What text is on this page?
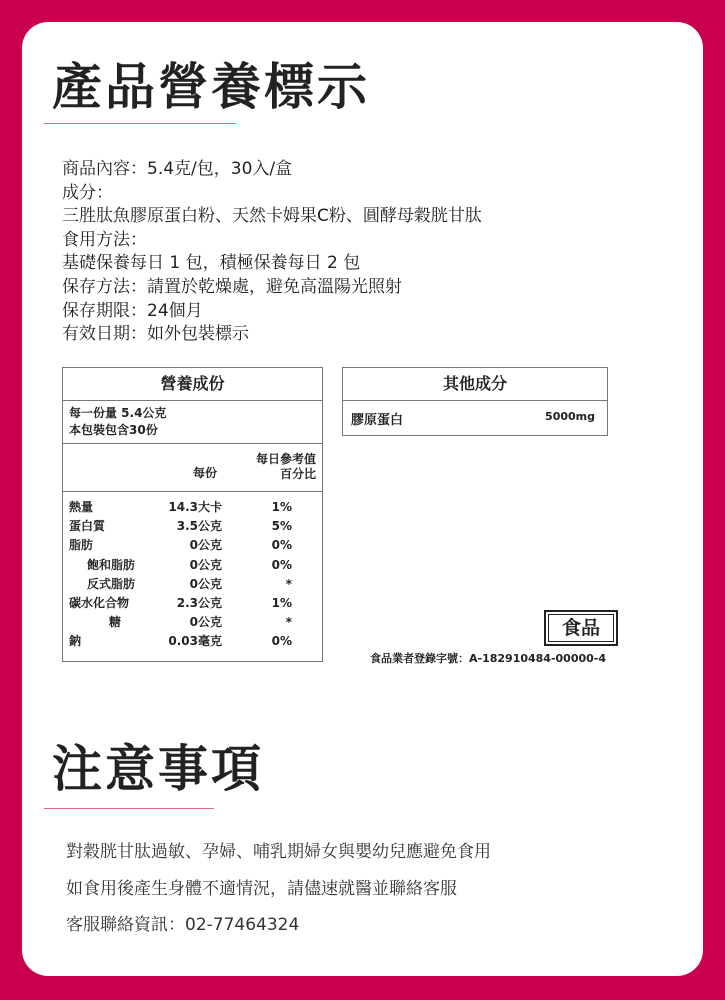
產品營養標示
商品內容：5.4克/包，30入/盒
成分：
三胜肽魚膠原蛋白粉、天然卡姆果C粉、圓酵母穀胱甘肽
食用方法：
基礎保養每日 1 包，積極保養每日 2 包
保存方法：請置於乾燥處，避免高溫陽光照射
保存期限：24個月
有效日期：如外包裝標示
營養成份
每一份量 5.4公克
本包裝包含30份
每份
每日參考值
百分比
熱量	14.3大卡	1%
蛋白質	3.5公克	5%
脂肪	0公克	0%
飽和脂肪	0公克	0%
反式脂肪	0公克	*
碳水化合物	2.3公克	1%
糖	0公克	*
鈉	0.03毫克	0%
其他成分
膠原蛋白	5000mg
食品
食品業者登錄字號：A-182910484-00000-4
注意事項
對穀胱甘肽過敏、孕婦、哺乳期婦女與嬰幼兒應避免食用
如食用後產生身體不適情況，請儘速就醫並聯絡客服
客服聯絡資訊：02-77464324
